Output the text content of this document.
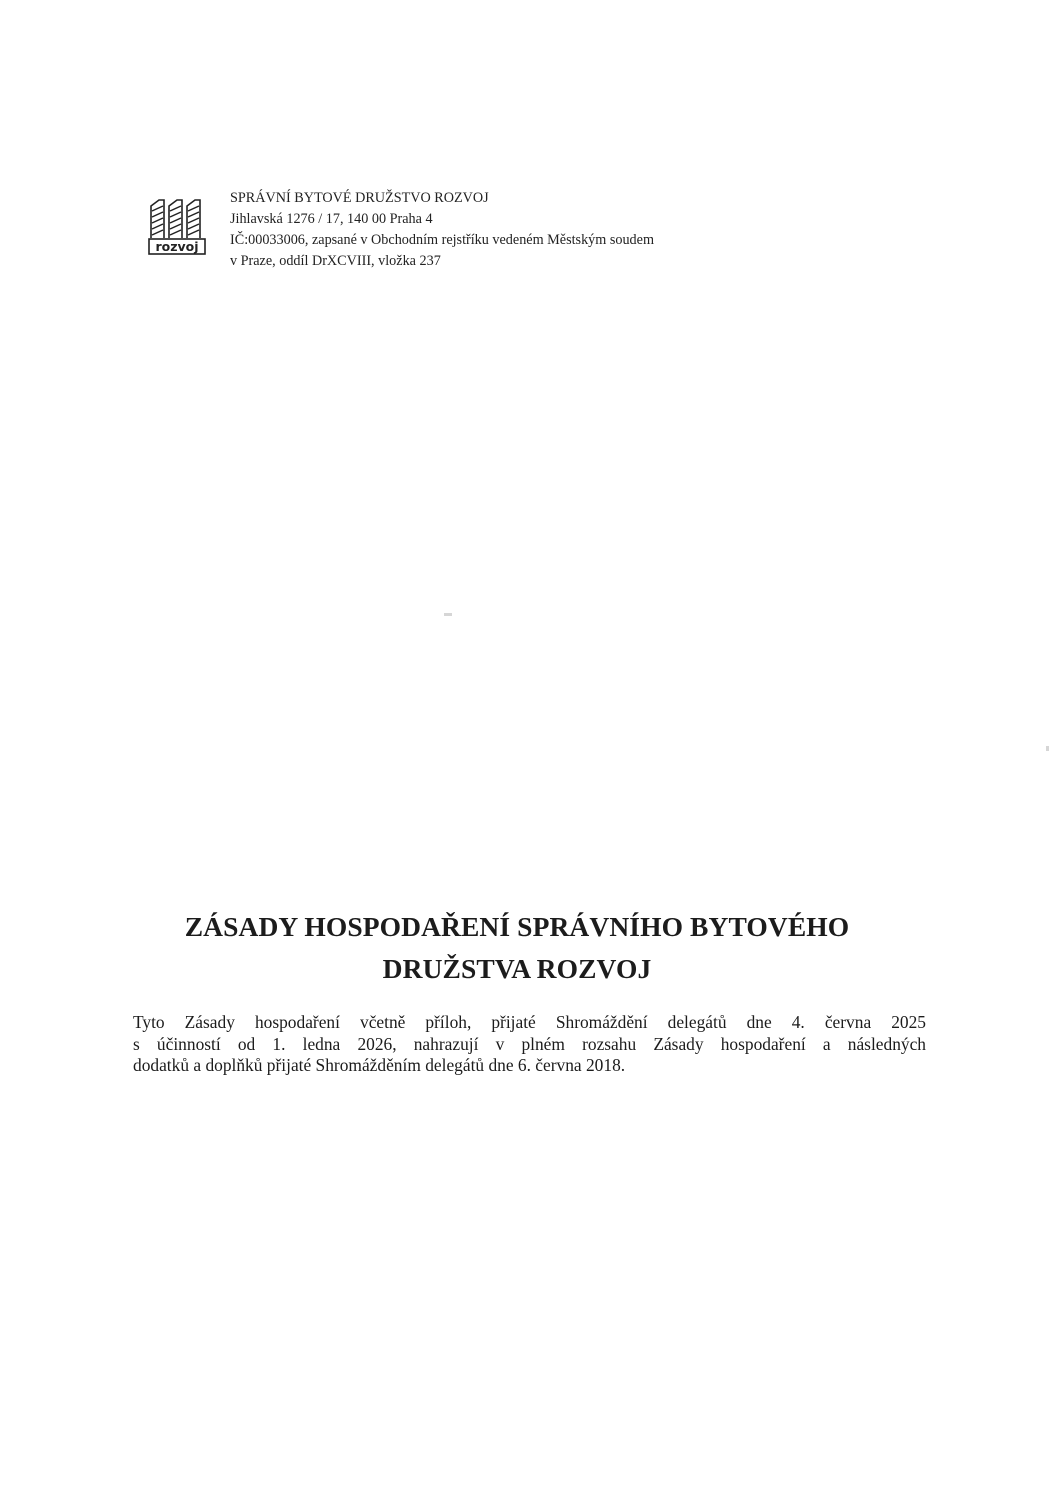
rozvoj
SPRÁVNÍ BYTOVÉ DRUŽSTVO ROZVOJ
Jihlavská 1276 / 17, 140 00 Praha 4
IČ:00033006, zapsané v Obchodním rejstříku vedeném Městským soudem
v Praze, oddíl DrXCVIII, vložka 237
ZÁSADY HOSPODAŘENÍ SPRÁVNÍHO BYTOVÉHO
DRUŽSTVA ROZVOJ
Tyto Zásady hospodaření včetně příloh, přijaté Shromáždění delegátů dne 4. června 2025
s účinností od 1. ledna 2026, nahrazují v plném rozsahu Zásady hospodaření a následných
dodatků a doplňků přijaté Shromážděním delegátů dne 6. června 2018.
